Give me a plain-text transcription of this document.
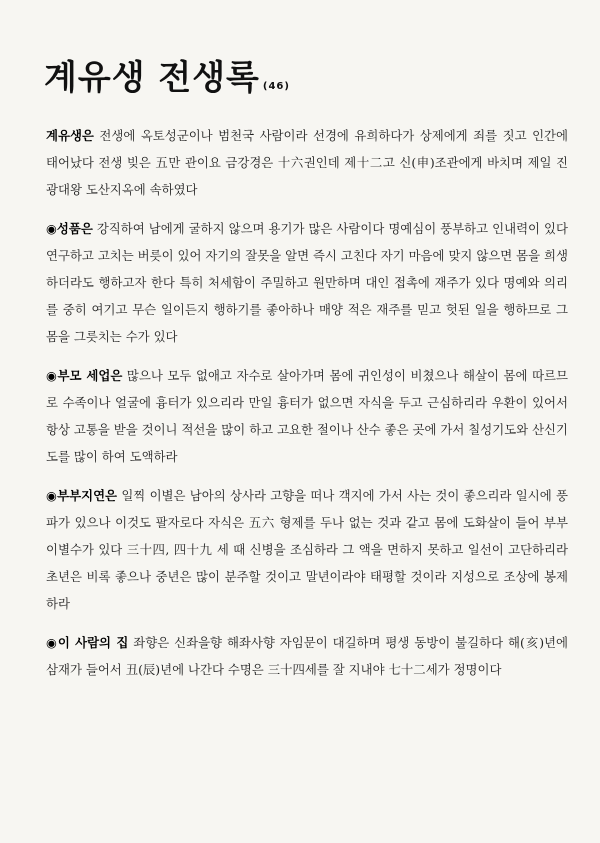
계유생 전생록 (46)

계유생은 전생에 옥토성군이나 범천국 사람이라 선경에 유희하다가 상제에게 죄를 짓고 인간에 태어났다 전생 빚은 五만 관이요 금강경은 十六권인데 제十二고 신(申)조관에게 바치며 제일 진광대왕 도산지옥에 속하였다

◉성품은 강직하여 남에게 굴하지 않으며 용기가 많은 사람이다 명예심이 풍부하고 인내력이 있다 연구하고 고치는 버릇이 있어 자기의 잘못을 알면 즉시 고친다 자기 마음에 맞지 않으면 몸을 희생하더라도 행하고자 한다 특히 처세함이 주밀하고 원만하며 대인 접촉에 재주가 있다 명예와 의리를 중히 여기고 무슨 일이든지 행하기를 좋아하나 매양 적은 재주를 믿고 헛된 일을 행하므로 그 몸을 그릇치는 수가 있다

◉부모 세업은 많으나 모두 없애고 자수로 살아가며 몸에 귀인성이 비쳤으나 해살이 몸에 따르므로 수족이나 얼굴에 흉터가 있으리라 만일 흉터가 없으면 자식을 두고 근심하리라 우환이 있어서 항상 고통을 받을 것이니 적선을 많이 하고 고요한 절이나 산수 좋은 곳에 가서 칠성기도와 산신기도를 많이 하여 도액하라

◉부부지연은 일찍 이별은 남아의 상사라 고향을 떠나 객지에 가서 사는 것이 좋으리라 일시에 풍파가 있으나 이것도 팔자로다 자식은 五六 형제를 두나 없는 것과 같고 몸에 도화살이 들어 부부 이별수가 있다 三十四, 四十九 세 때 신병을 조심하라 그 액을 면하지 못하고 일선이 고단하리라 초년은 비록 좋으나 중년은 많이 분주할 것이고 말년이라야 태평할 것이라 지성으로 조상에 봉제하라

◉이 사람의 집 좌향은 신좌을향 해좌사향 자임문이 대길하며 평생 동방이 불길하다 해(亥)년에 삼재가 들어서 丑(辰)년에 나간다 수명은 三十四세를 잘 지내야 七十二세가 정명이다
